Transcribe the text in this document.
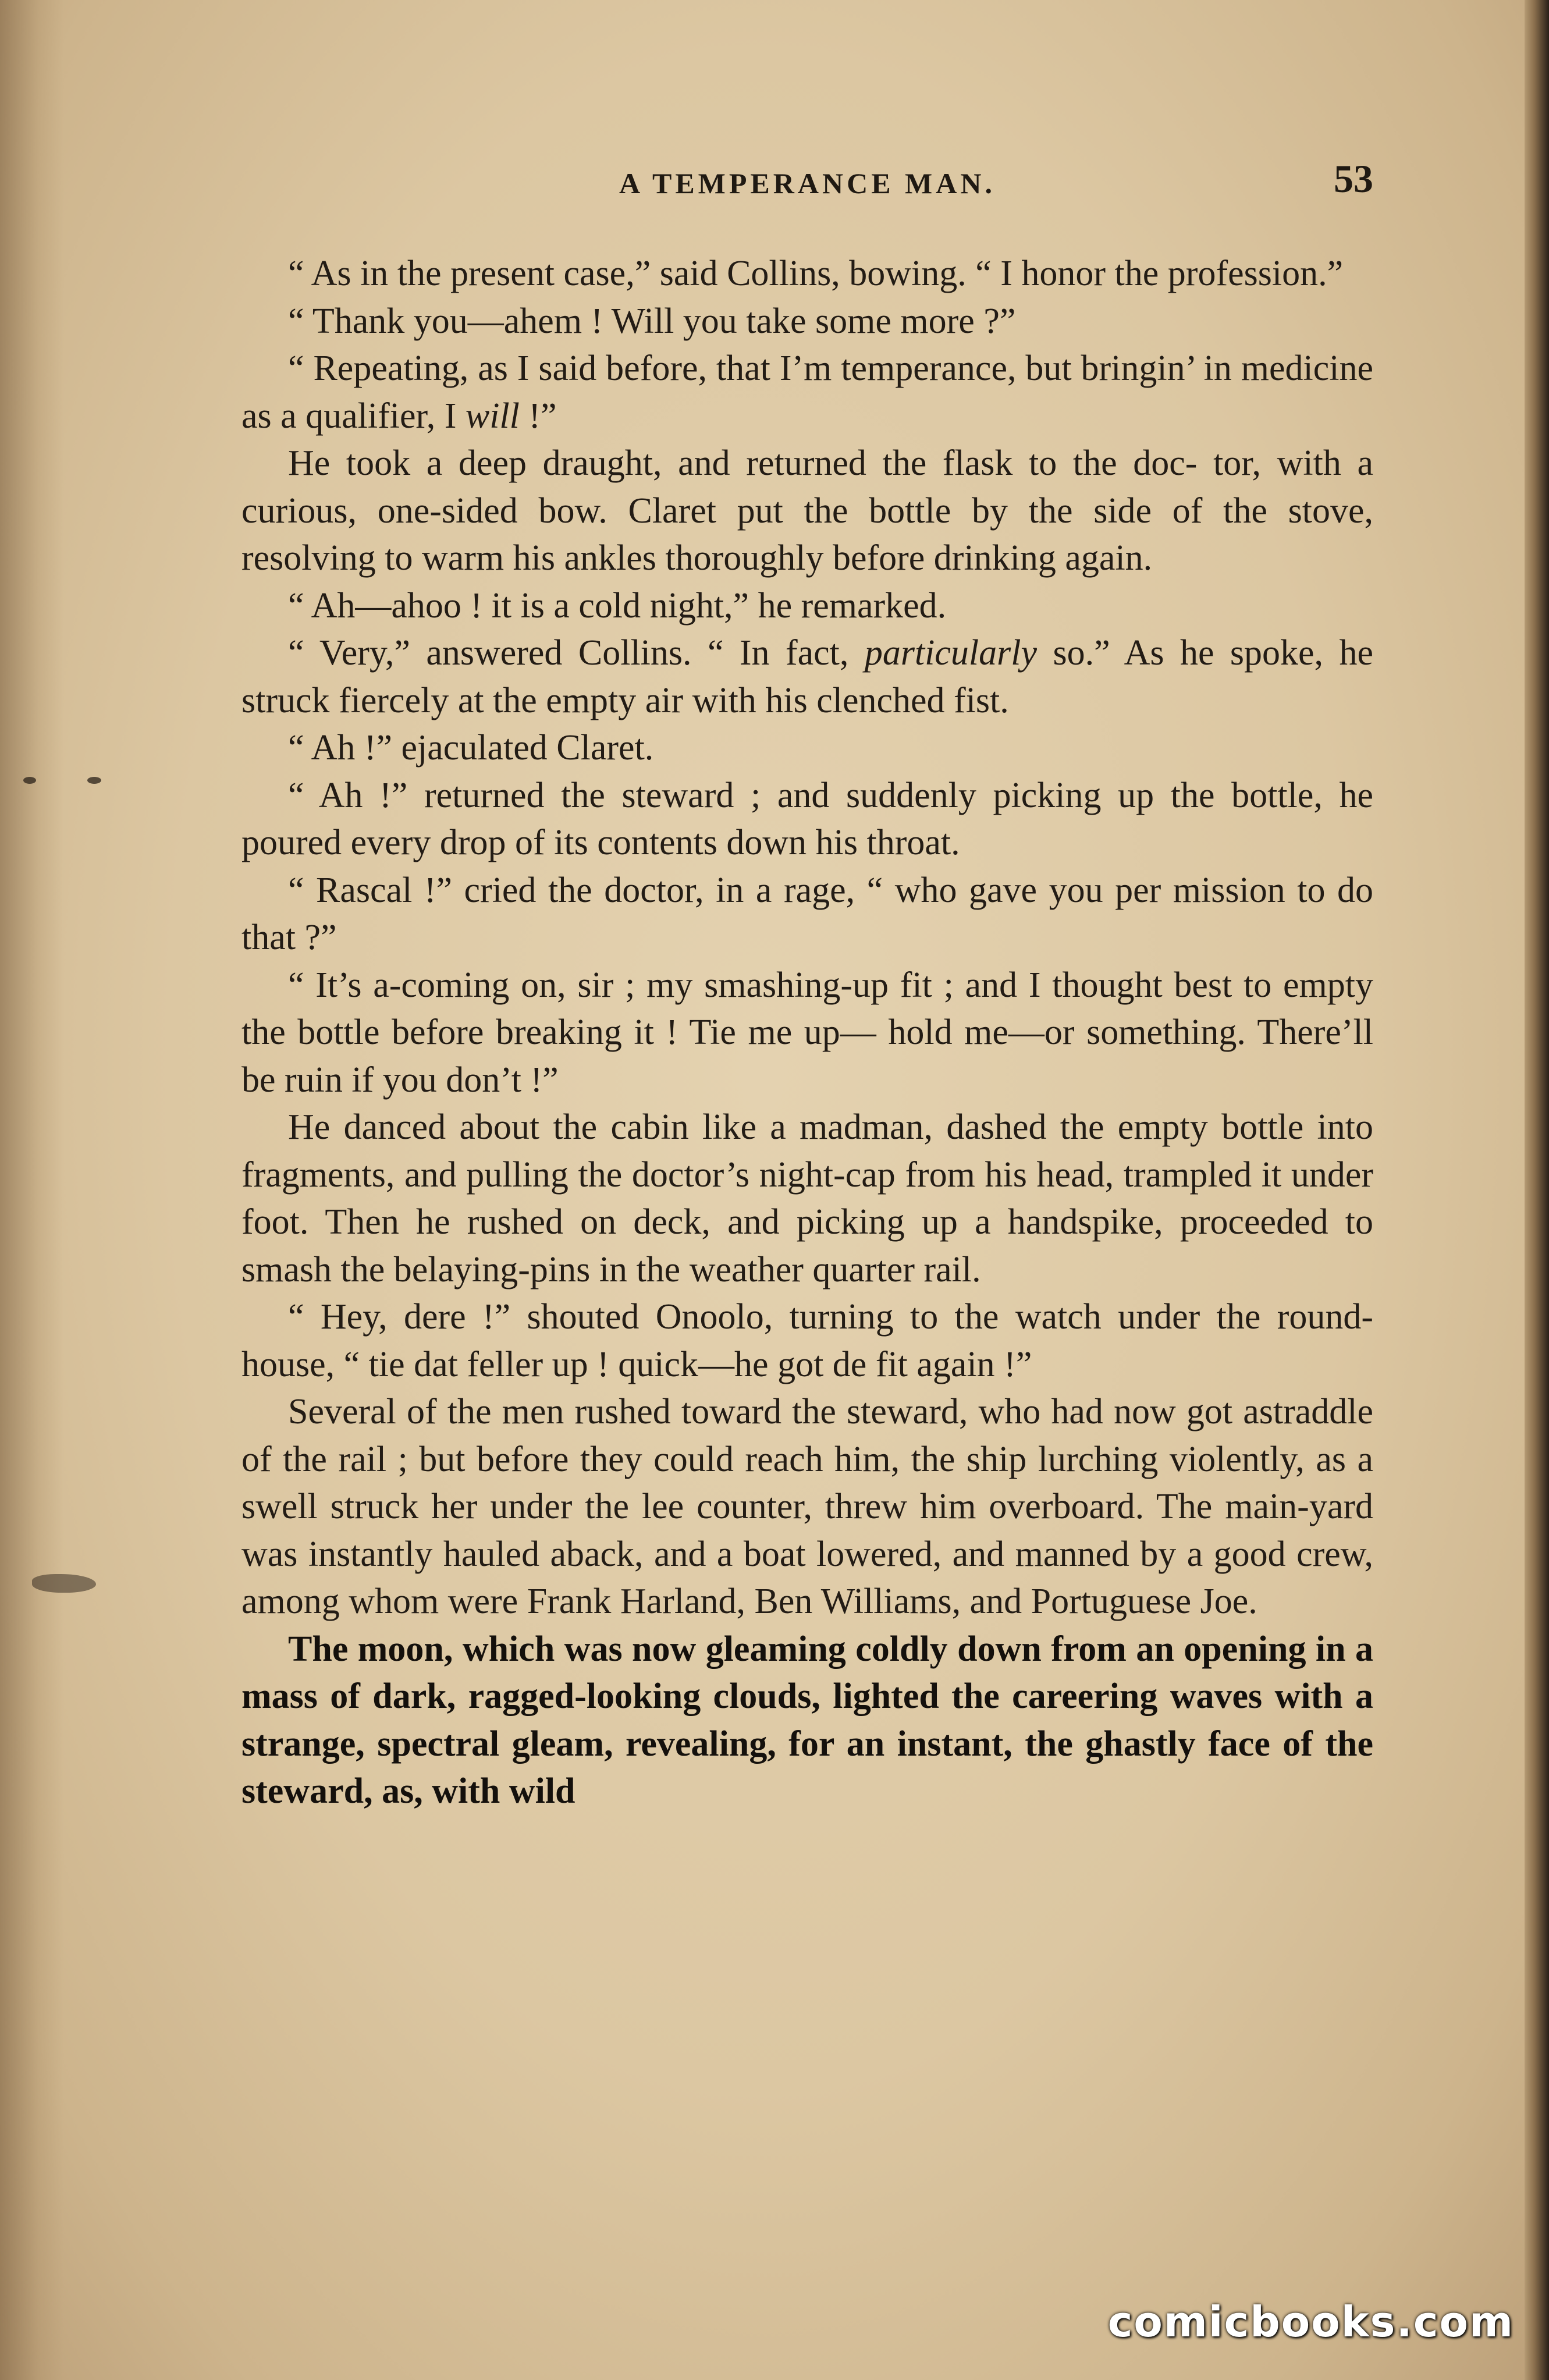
A TEMPERANCE MAN.	53

“ As in the present case,” said Collins, bowing. “ I honor the profession.”

“ Thank you—ahem ! Will you take some more ?”

“ Repeating, as I said before, that I’m temperance, but bringin’ in medicine as a qualifier, I will !”

He took a deep draught, and returned the flask to the doc- tor, with a curious, one-sided bow. Claret put the bottle by the side of the stove, resolving to warm his ankles thoroughly before drinking again.

“ Ah—ahoo ! it is a cold night,” he remarked.

“ Very,” answered Collins. “ In fact, particularly so.” As he spoke, he struck fiercely at the empty air with his clenched fist.

“ Ah !” ejaculated Claret.

“ Ah !” returned the steward ; and suddenly picking up the bottle, he poured every drop of its contents down his throat.

“ Rascal !” cried the doctor, in a rage, “ who gave you per mission to do that ?”

“ It’s a-coming on, sir ; my smashing-up fit ; and I thought best to empty the bottle before breaking it ! Tie me up— hold me—or something. There’ll be ruin if you don’t !”

He danced about the cabin like a madman, dashed the empty bottle into fragments, and pulling the doctor’s night-cap from his head, trampled it under foot. Then he rushed on deck, and picking up a handspike, proceeded to smash the belaying-pins in the weather quarter rail.

“ Hey, dere !” shouted Onoolo, turning to the watch under the round-house, “ tie dat feller up ! quick—he got de fit again !”

Several of the men rushed toward the steward, who had now got astraddle of the rail ; but before they could reach him, the ship lurching violently, as a swell struck her under the lee counter, threw him overboard. The main-yard was instantly hauled aback, and a boat lowered, and manned by a good crew, among whom were Frank Harland, Ben Williams, and Portuguese Joe.

The moon, which was now gleaming coldly down from an opening in a mass of dark, ragged-looking clouds, lighted the careering waves with a strange, spectral gleam, revealing, for an instant, the ghastly face of the steward, as, with wild

comicbooks.com
